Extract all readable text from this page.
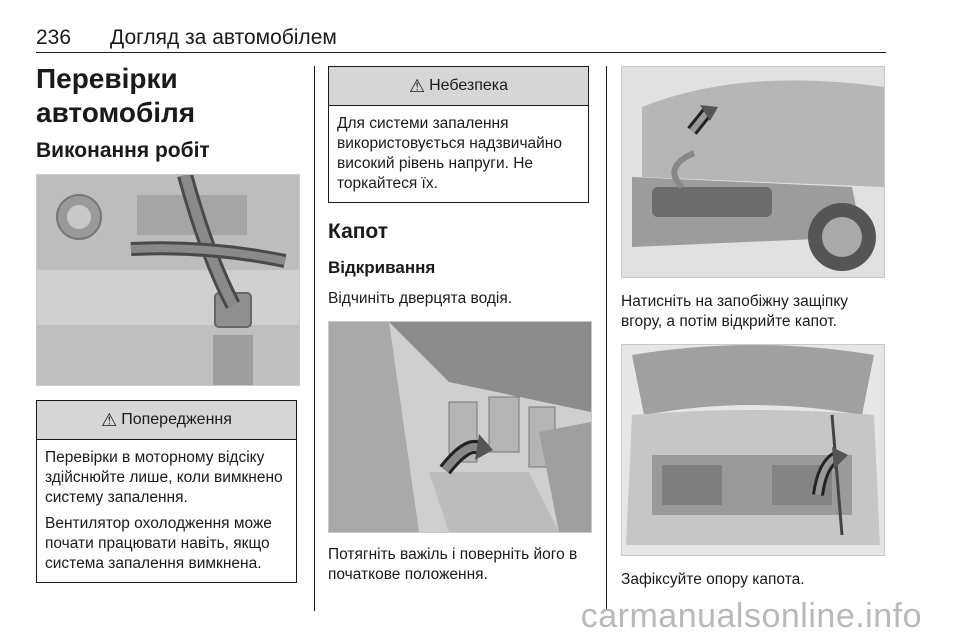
236 Догляд за автомобілем
Перевірки автомобіля
Виконання робіт
⚠ Попередження

Перевірки в моторному відсіку здійснюйте лише, коли вимкнено систему запалення.

Вентилятор охолодження може почати працювати навіть, якщо система запалення вимкнена.

⚠ Небезпека

Для системи запалення використовується надзвичайно високий рівень напруги. Не торкайтеся їх.

Капот
Відкривання

Відчиніть дверцята водія.

Потягніть важіль і поверніть його в початкове положення.

Натисніть на запобіжну защіпку вгору, а потім відкрийте капот.

Зафіксуйте опору капота.

carmanualsonline.info
